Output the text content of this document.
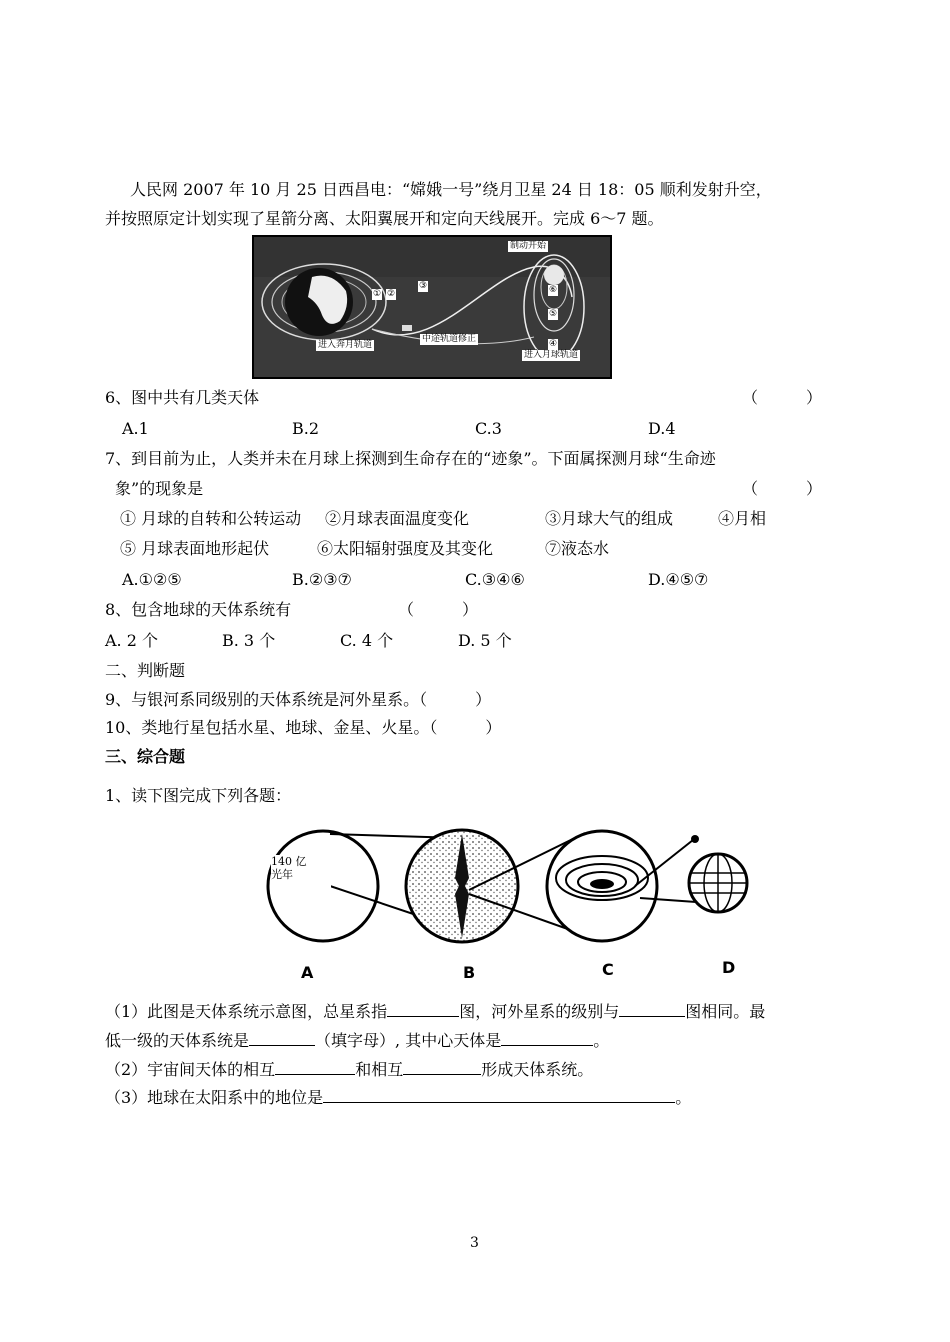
人民网 2007 年 10 月 25 日西昌电：“嫦娥一号”绕月卫星 24 日 18：05 顺利发射升空，
并按照原定计划实现了星箭分离、太阳翼展开和定向天线展开。完成 6～7 题。
制动开始
进入奔月轨道
中途轨道修正
进入月球轨道
① ②
③
④
⑤
⑥
6、图中共有几类天体	（　　　）
A.1	B.2	C.3	D.4
7、到目前为止，人类并未在月球上探测到生命存在的“迹象”。下面属探测月球“生命迹
象”的现象是	（　　　）
① 月球的自转和公转运动 ②月球表面温度变化	③月球大气的组成	④月相
⑤ 月球表面地形起伏	⑥太阳辐射强度及其变化	⑦液态水
A.①②⑤	B.②③⑦	C.③④⑥	D.④⑤⑦
8、包含地球的天体系统有	（　　　）
A. 2 个	B. 3 个	C. 4 个	D. 5 个
二、判断题
9、与银河系同级别的天体系统是河外星系。（　　　）
10、类地行星包括水星、地球、金星、火星。（　　　）
三、综合题
1、读下图完成下列各题：
140 亿
光年
A	B	C	D
（1）此图是天体系统示意图，总星系指	图，河外星系的级别与	图相同。最
低一级的天体系统是	（填字母）, 其中心天体是	。
（2）宇宙间天体的相互	和相互	形成天体系统。
（3）地球在太阳系中的地位是	。
3
